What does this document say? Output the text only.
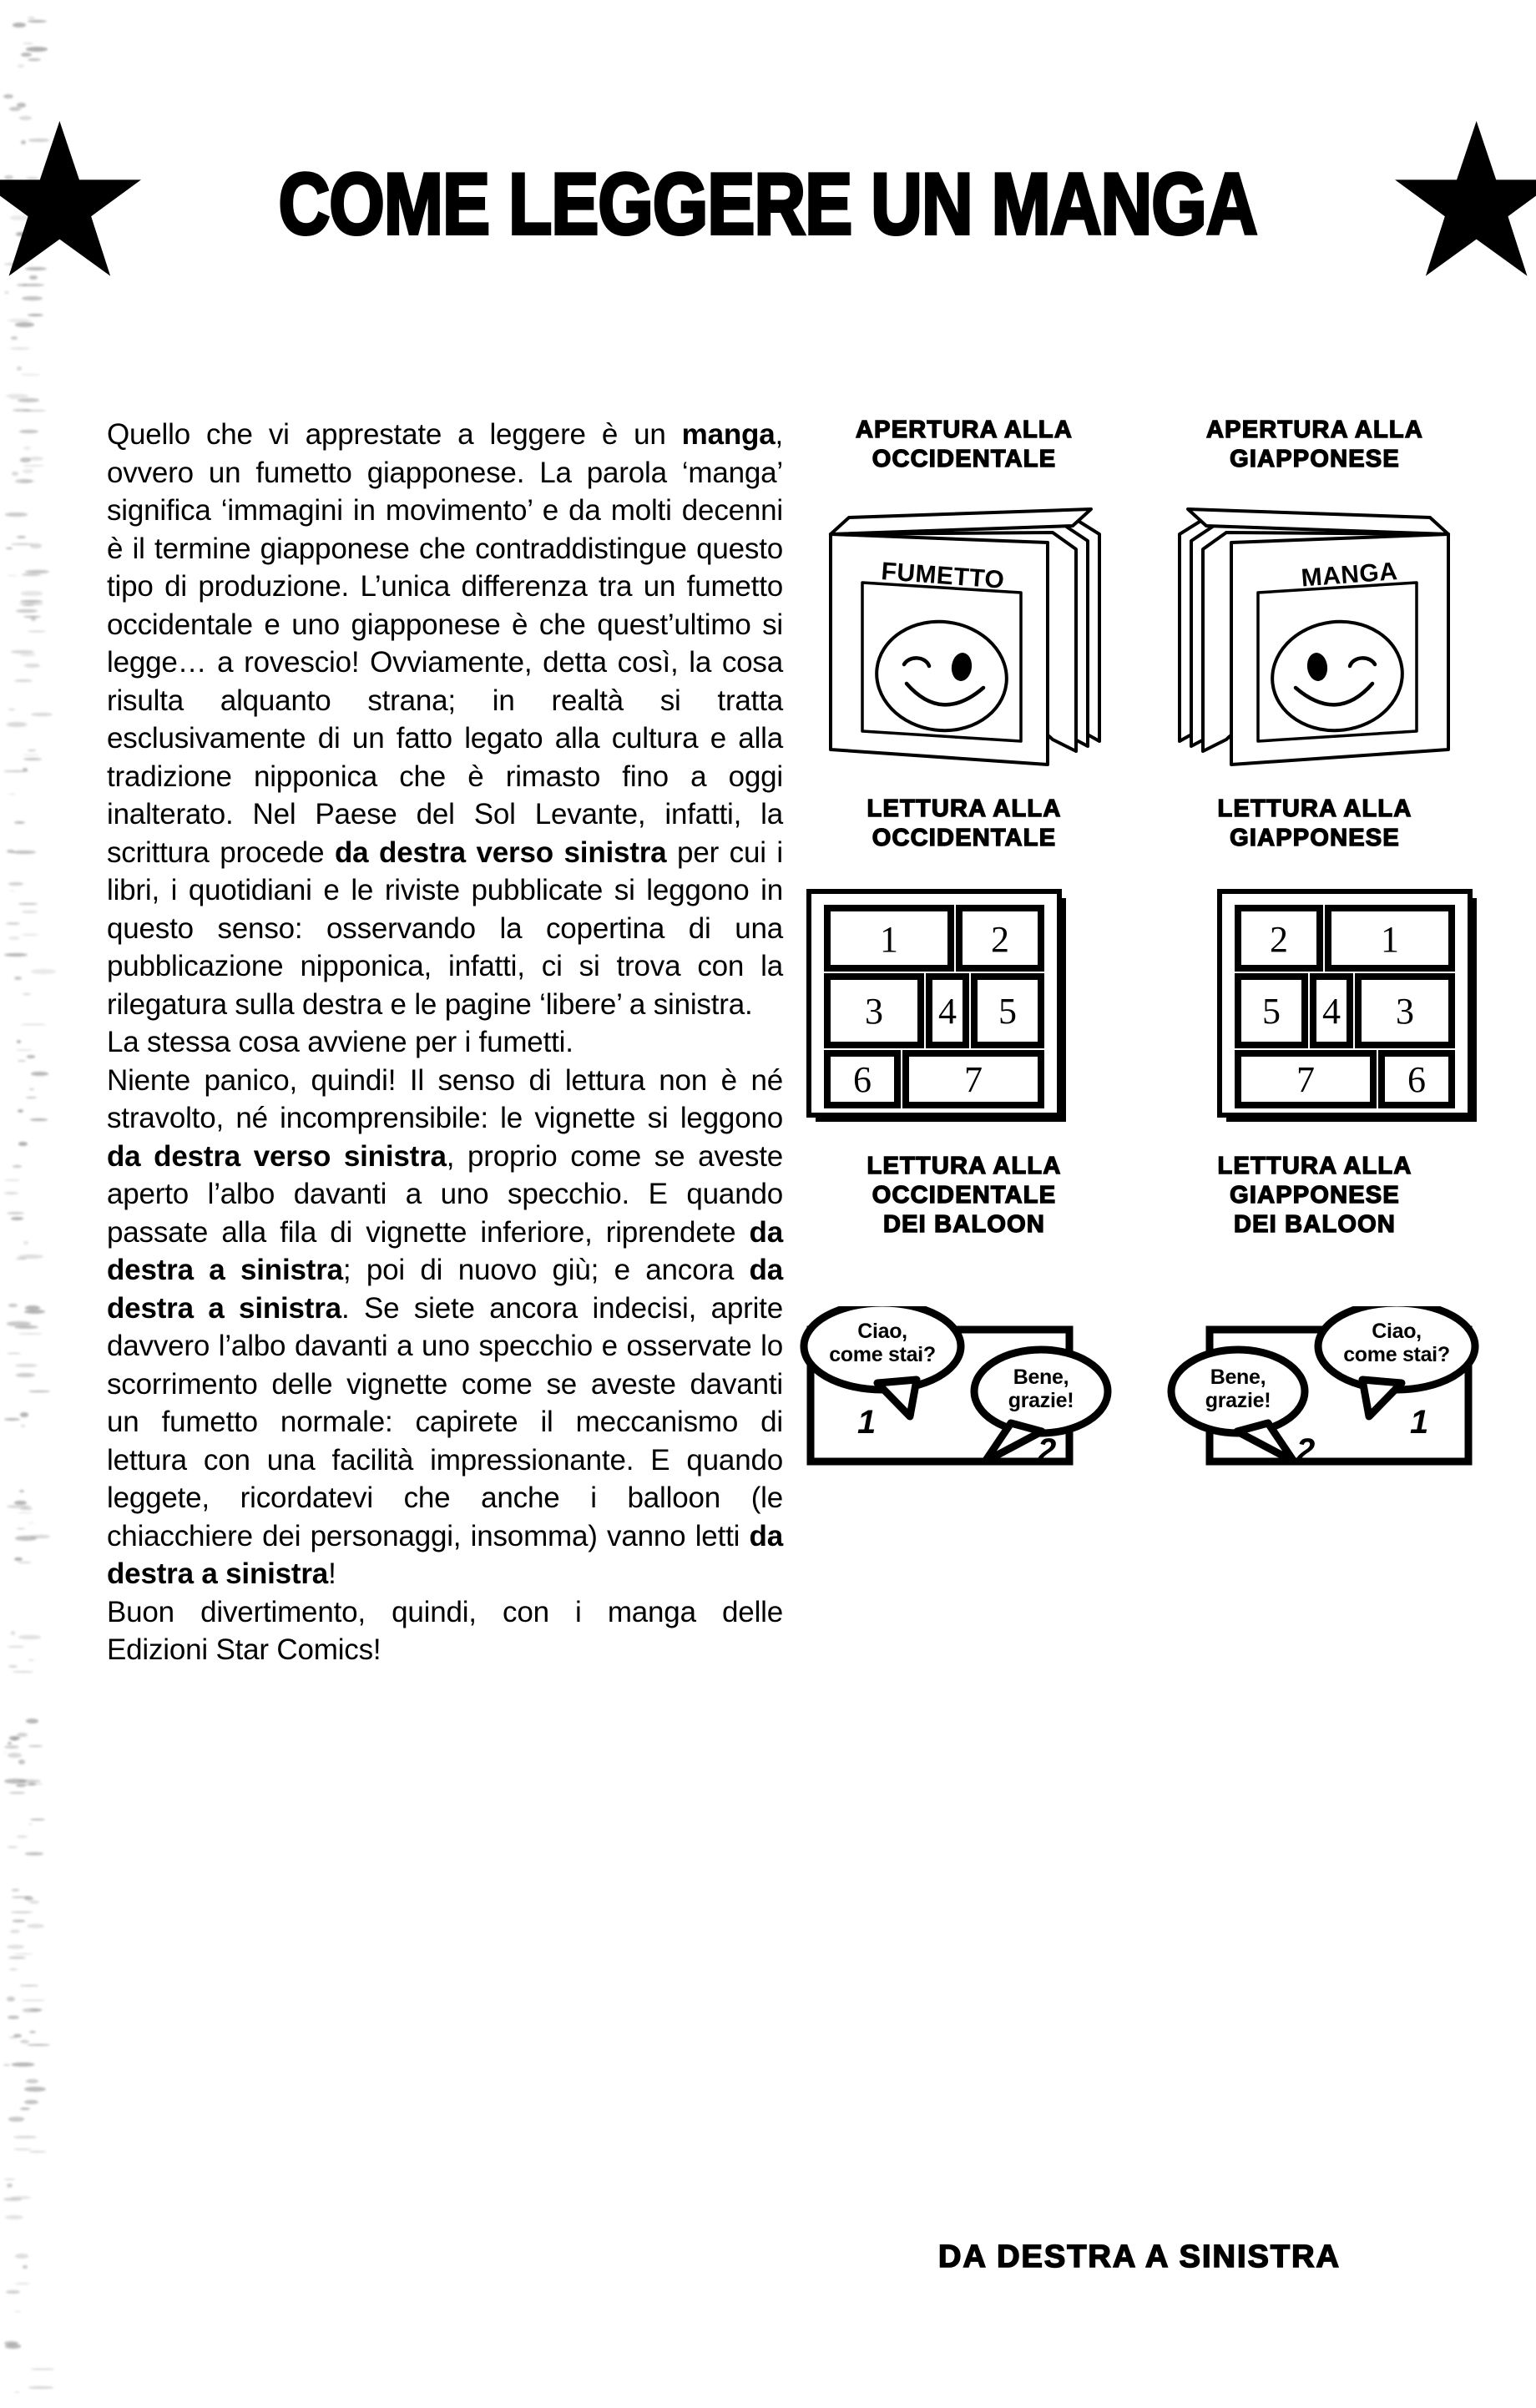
COME LEGGERE UN MANGA

Quello che vi apprestate a leggere è un manga, ovvero un fumetto giapponese. La parola ‘manga’ significa ‘immagini in movimento’ e da molti decenni è il termine giapponese che contraddistingue questo tipo di produzione. L’unica differenza tra un fumetto occidentale e uno giapponese è che quest’ultimo si legge… a rovescio! Ovviamente, detta così, la cosa risulta alquanto strana; in realtà si tratta esclusivamente di un fatto legato alla cultura e alla tradizione nipponica che è rimasto fino a oggi inalterato. Nel Paese del Sol Levante, infatti, la scrittura procede da destra verso sinistra per cui i libri, i quotidiani e le riviste pubblicate si leggono in questo senso: osservando la copertina di una pubblicazione nipponica, infatti, ci si trova con la rilegatura sulla destra e le pagine ‘libere’ a sinistra.

La stessa cosa avviene per i fumetti.

Niente panico, quindi! Il senso di lettura non è né stravolto, né incomprensibile: le vignette si leggono da destra verso sinistra, proprio come se aveste aperto l’albo davanti a uno specchio. E quando passate alla fila di vignette inferiore, riprendete da destra a sinistra; poi di nuovo giù; e ancora da destra a sinistra. Se siete ancora indecisi, aprite davvero l’albo davanti a uno specchio e osservate lo scorrimento delle vignette come se aveste davanti un fumetto normale: capirete il meccanismo di lettura con una facilità impressionante. E quando leggete, ricordatevi che anche i balloon (le chiacchiere dei personaggi, insomma) vanno letti da destra a sinistra!

Buon divertimento, quindi, con i manga delle Edizioni Star Comics!

APERTURA ALLA
OCCIDENTALE
APERTURA ALLA
GIAPPONESE
FUMETTO	MANGA
LETTURA ALLA
OCCIDENTALE
LETTURA ALLA
GIAPPONESE
1	2
3 4 5
6	7
2	1
5 4 3
7	6
LETTURA ALLA
OCCIDENTALE
DEI BALOON
LETTURA ALLA
GIAPPONESE
DEI BALOON
Ciao,
come stai?
1
Bene,
grazie!
2
Ciao,
come stai?
1
Bene,
grazie!
2
DA DESTRA A SINISTRA
